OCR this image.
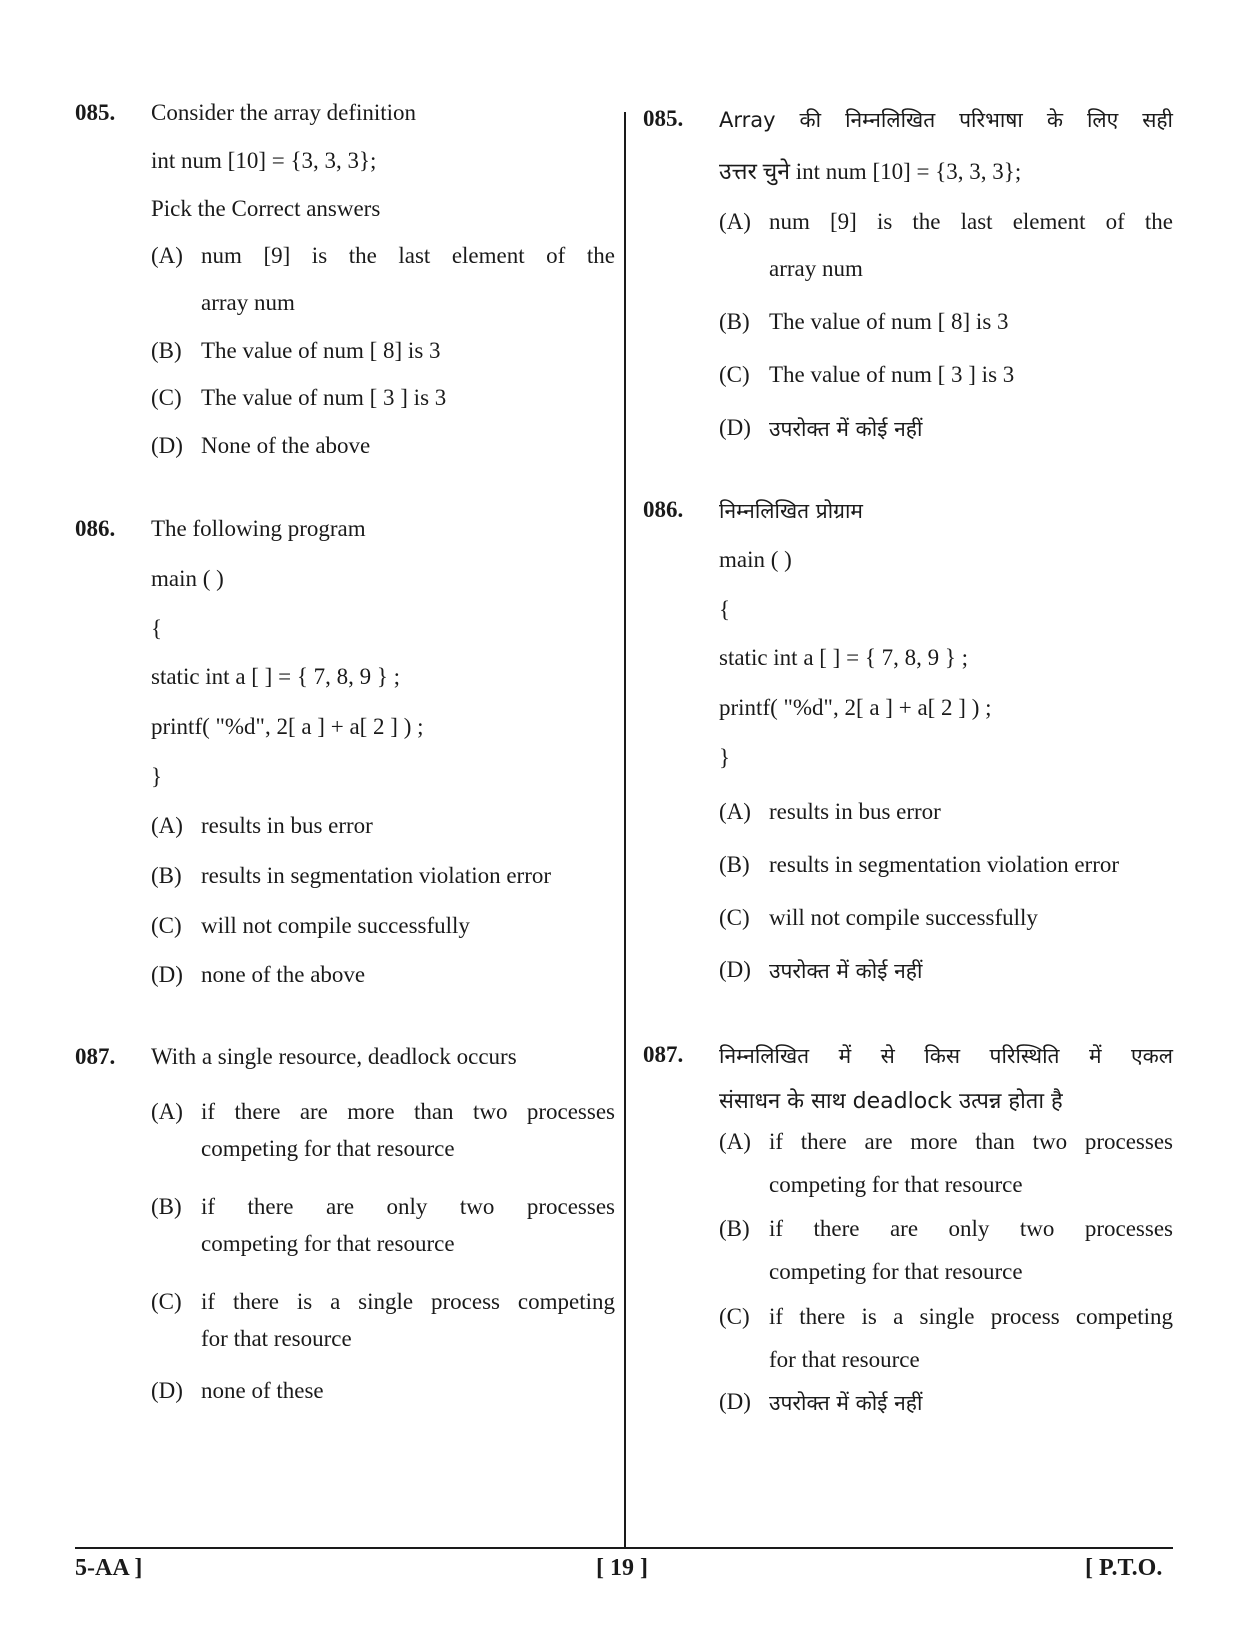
085. Consider the array definition
int num [10] = {3, 3, 3};
Pick the Correct answers
(A) num [9] is the last element of the
array num
(B) The value of num [ 8] is 3
(C) The value of num [ 3 ] is 3
(D) None of the above
086. The following program
main ( )
{
static int a [ ] = { 7, 8, 9 } ;
printf( "%d", 2[ a ] + a[ 2 ] ) ;
}
(A) results in bus error
(B) results in segmentation violation error
(C) will not compile successfully
(D) none of the above
087. With a single resource, deadlock occurs
(A) if there are more than two processes
competing for that resource
(B) if there are only two processes
competing for that resource
(C) if there is a single process competing
for that resource
(D) none of these
085. Array की निम्नलिखित परिभाषा के लिए सही
उत्तर चुने int num [10] = {3, 3, 3};
(A) num [9] is the last element of the
array num
(B) The value of num [ 8] is 3
(C) The value of num [ 3 ] is 3
(D) उपरोक्त में कोई नहीं
086. निम्नलिखित प्रोग्राम
main ( )
{
static int a [ ] = { 7, 8, 9 } ;
printf( "%d", 2[ a ] + a[ 2 ] ) ;
}
(A) results in bus error
(B) results in segmentation violation error
(C) will not compile successfully
(D) उपरोक्त में कोई नहीं
087. निम्नलिखित में से किस परिस्थिति में एकल
संसाधन के साथ deadlock उत्पन्न होता है
(A) if there are more than two processes
competing for that resource
(B) if there are only two processes
competing for that resource
(C) if there is a single process competing
for that resource
(D) उपरोक्त में कोई नहीं
5-AA ]	[ 19 ]	[ P.T.O.
